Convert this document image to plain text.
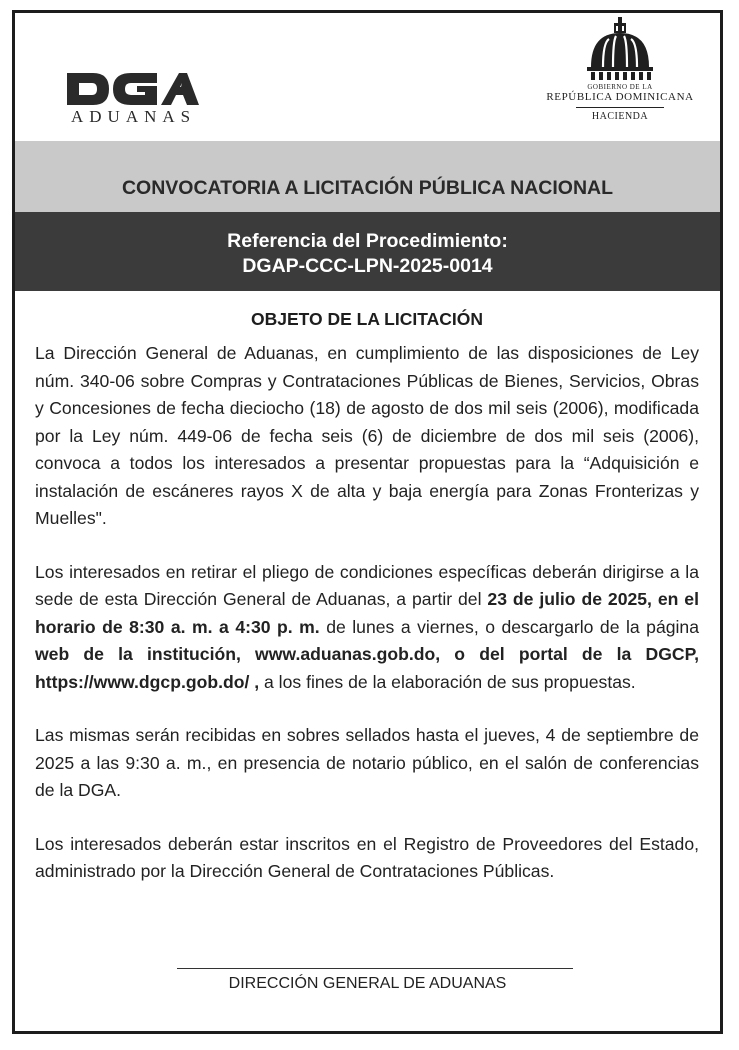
ADUANAS
GOBIERNO DE LA
REPÚBLICA DOMINICANA
HACIENDA
CONVOCATORIA A LICITACIÓN PÚBLICA NACIONAL
Referencia del Procedimiento:
DGAP-CCC-LPN-2025-0014
OBJETO DE LA LICITACIÓN

La Dirección General de Aduanas, en cumplimiento de las disposiciones de Ley núm. 340-06 sobre Compras y Contrataciones Públicas de Bienes, Servicios, Obras y Concesiones de fecha dieciocho (18) de agosto de dos mil seis (2006), modificada por la Ley núm. 449-06 de fecha seis (6) de diciembre de dos mil seis (2006), convoca a todos los interesados a presentar propuestas para la “Adquisición e instalación de escáneres rayos X de alta y baja energía para Zonas Fronterizas y Muelles".

Los interesados en retirar el pliego de condiciones específicas deberán dirigirse a la sede de esta Dirección General de Aduanas, a partir del 23 de julio de 2025, en el horario de 8:30 a. m. a 4:30 p. m. de lunes a viernes, o descargarlo de la página web de la institución, www.aduanas.gob.do, o del portal de la DGCP, https://www.dgcp.gob.do/ , a los fines de la elaboración de sus propuestas.

Las mismas serán recibidas en sobres sellados hasta el jueves, 4 de septiembre de 2025 a las 9:30 a. m., en presencia de notario público, en el salón de conferencias de la DGA.

Los interesados deberán estar inscritos en el Registro de Proveedores del Estado, administrado por la Dirección General de Contrataciones Públicas.

DIRECCIÓN GENERAL DE ADUANAS
